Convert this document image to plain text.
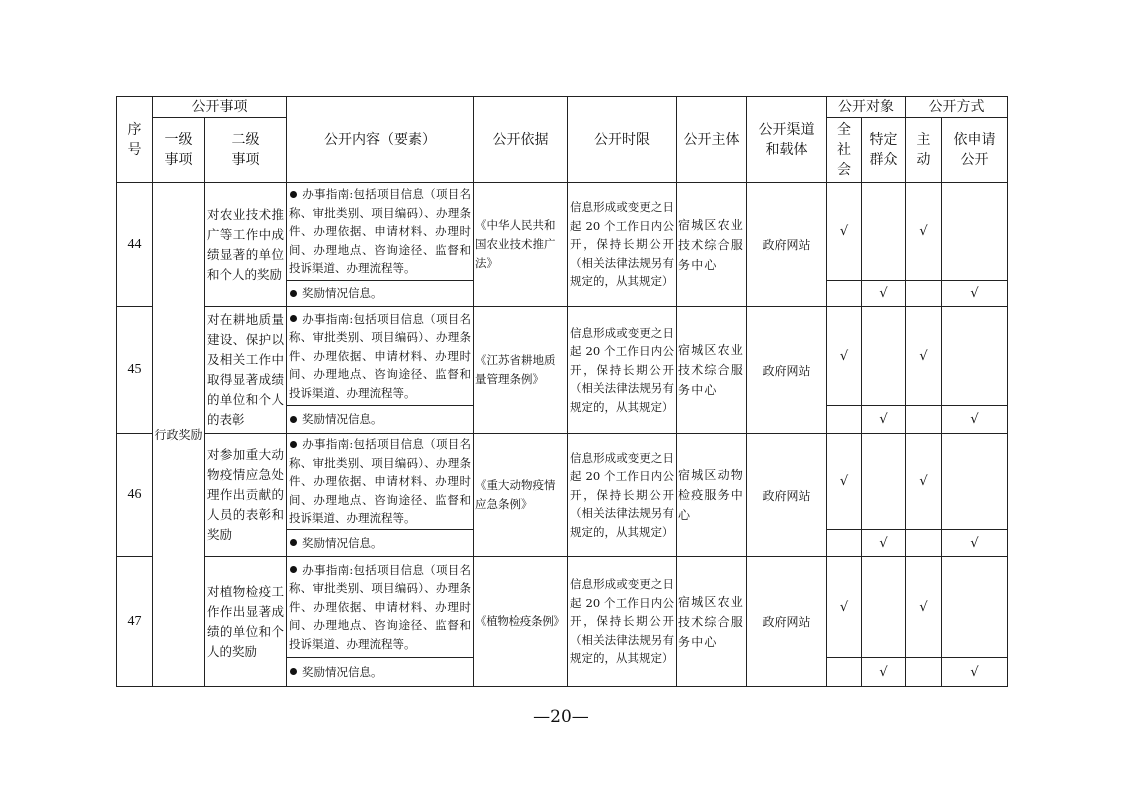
序号	公开事项		公开内容（要素）	公开依据	公开时限	公开主体	公开渠道和载体	公开对象		公开方式	
	一级事项	二级事项						全社会	特定群众	主动	依申请公开
44	行政奖励	对农业技术推广等工作中成绩显著的单位和个人的奖励	办事指南:包括项目信息（项目名称、审批类别、项目编码）、办理条件、办理依据、申请材料、办理时间、办理地点、咨询途径、监督和投诉渠道、办理流程等。	《中华人民共和国农业技术推广法》	信息形成或变更之日起 20 个工作日内公开，保持长期公开（相关法律法规另有规定的，从其规定）	宿城区农业技术综合服务中心	政府网站	√		√	
			奖励情况信息。						√		√
45		对在耕地质量建设、保护以及相关工作中取得显著成绩的单位和个人的表彰	办事指南:包括项目信息（项目名称、审批类别、项目编码）、办理条件、办理依据、申请材料、办理时间、办理地点、咨询途径、监督和投诉渠道、办理流程等。	《江苏省耕地质量管理条例》	信息形成或变更之日起 20 个工作日内公开，保持长期公开（相关法律法规另有规定的，从其规定）	宿城区农业技术综合服务中心	政府网站	√		√	
			奖励情况信息。						√		√
46		对参加重大动物疫情应急处理作出贡献的人员的表彰和奖励	办事指南:包括项目信息（项目名称、审批类别、项目编码）、办理条件、办理依据、申请材料、办理时间、办理地点、咨询途径、监督和投诉渠道、办理流程等。	《重大动物疫情应急条例》	信息形成或变更之日起 20 个工作日内公开，保持长期公开（相关法律法规另有规定的，从其规定）	宿城区动物检疫服务中心	政府网站	√		√	
			奖励情况信息。						√		√
47		对植物检疫工作作出显著成绩的单位和个人的奖励	办事指南:包括项目信息（项目名称、审批类别、项目编码）、办理条件、办理依据、申请材料、办理时间、办理地点、咨询途径、监督和投诉渠道、办理流程等。	《植物检疫条例》	信息形成或变更之日起 20 个工作日内公开，保持长期公开（相关法律法规另有规定的，从其规定）	宿城区农业技术综合服务中心	政府网站	√		√	
			奖励情况信息。						√		√
—20—
